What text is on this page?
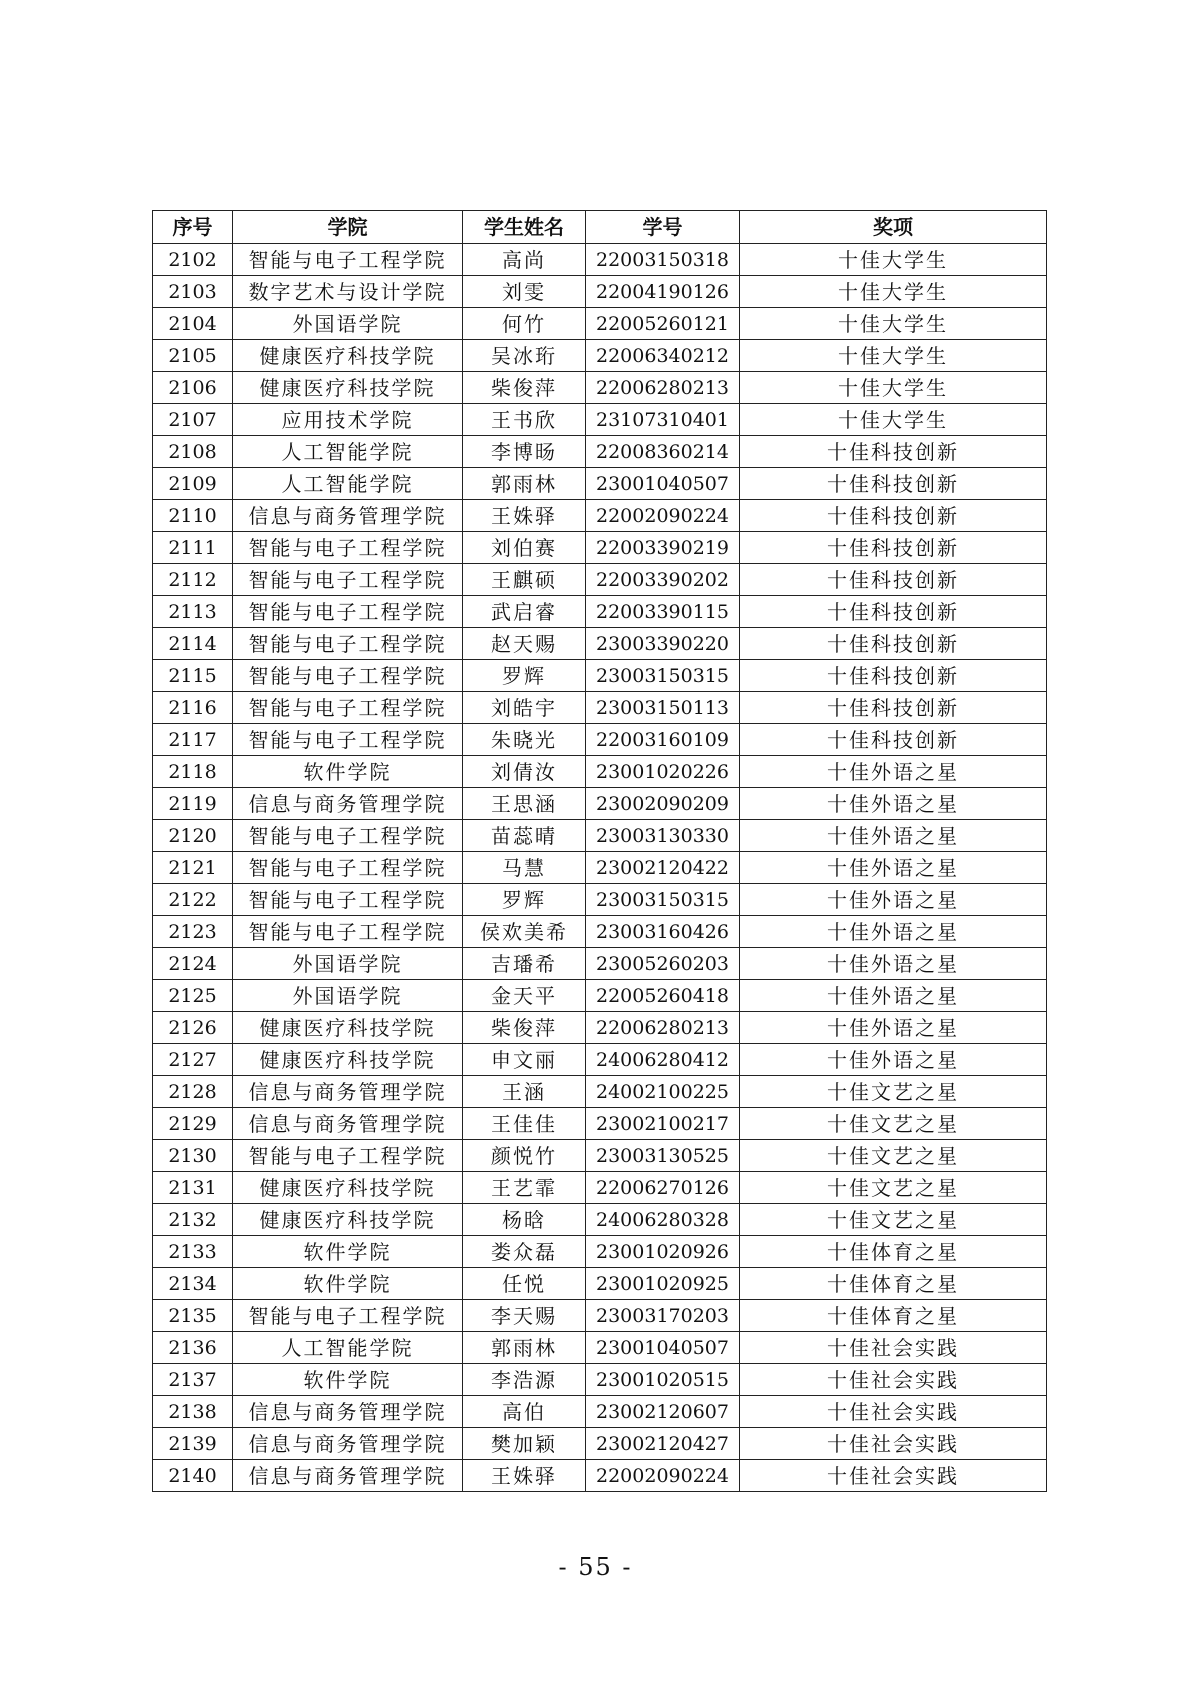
序号	学院	学生姓名	学号	奖项
2102	智能与电子工程学院	高尚	22003150318	十佳大学生
2103	数字艺术与设计学院	刘雯	22004190126	十佳大学生
2104	外国语学院	何竹	22005260121	十佳大学生
2105	健康医疗科技学院	吴冰珩	22006340212	十佳大学生
2106	健康医疗科技学院	柴俊萍	22006280213	十佳大学生
2107	应用技术学院	王书欣	23107310401	十佳大学生
2108	人工智能学院	李博旸	22008360214	十佳科技创新
2109	人工智能学院	郭雨林	23001040507	十佳科技创新
2110	信息与商务管理学院	王姝驿	22002090224	十佳科技创新
2111	智能与电子工程学院	刘伯赛	22003390219	十佳科技创新
2112	智能与电子工程学院	王麒硕	22003390202	十佳科技创新
2113	智能与电子工程学院	武启睿	22003390115	十佳科技创新
2114	智能与电子工程学院	赵天赐	23003390220	十佳科技创新
2115	智能与电子工程学院	罗辉	23003150315	十佳科技创新
2116	智能与电子工程学院	刘皓宇	23003150113	十佳科技创新
2117	智能与电子工程学院	朱晓光	22003160109	十佳科技创新
2118	软件学院	刘倩汝	23001020226	十佳外语之星
2119	信息与商务管理学院	王思涵	23002090209	十佳外语之星
2120	智能与电子工程学院	苗蕊晴	23003130330	十佳外语之星
2121	智能与电子工程学院	马慧	23002120422	十佳外语之星
2122	智能与电子工程学院	罗辉	23003150315	十佳外语之星
2123	智能与电子工程学院	侯欢美希	23003160426	十佳外语之星
2124	外国语学院	吉璠希	23005260203	十佳外语之星
2125	外国语学院	金天平	22005260418	十佳外语之星
2126	健康医疗科技学院	柴俊萍	22006280213	十佳外语之星
2127	健康医疗科技学院	申文丽	24006280412	十佳外语之星
2128	信息与商务管理学院	王涵	24002100225	十佳文艺之星
2129	信息与商务管理学院	王佳佳	23002100217	十佳文艺之星
2130	智能与电子工程学院	颜悦竹	23003130525	十佳文艺之星
2131	健康医疗科技学院	王艺霏	22006270126	十佳文艺之星
2132	健康医疗科技学院	杨晗	24006280328	十佳文艺之星
2133	软件学院	娄众磊	23001020926	十佳体育之星
2134	软件学院	任悦	23001020925	十佳体育之星
2135	智能与电子工程学院	李天赐	23003170203	十佳体育之星
2136	人工智能学院	郭雨林	23001040507	十佳社会实践
2137	软件学院	李浩源	23001020515	十佳社会实践
2138	信息与商务管理学院	高伯	23002120607	十佳社会实践
2139	信息与商务管理学院	樊加颖	23002120427	十佳社会实践
2140	信息与商务管理学院	王姝驿	22002090224	十佳社会实践
- 55 -
